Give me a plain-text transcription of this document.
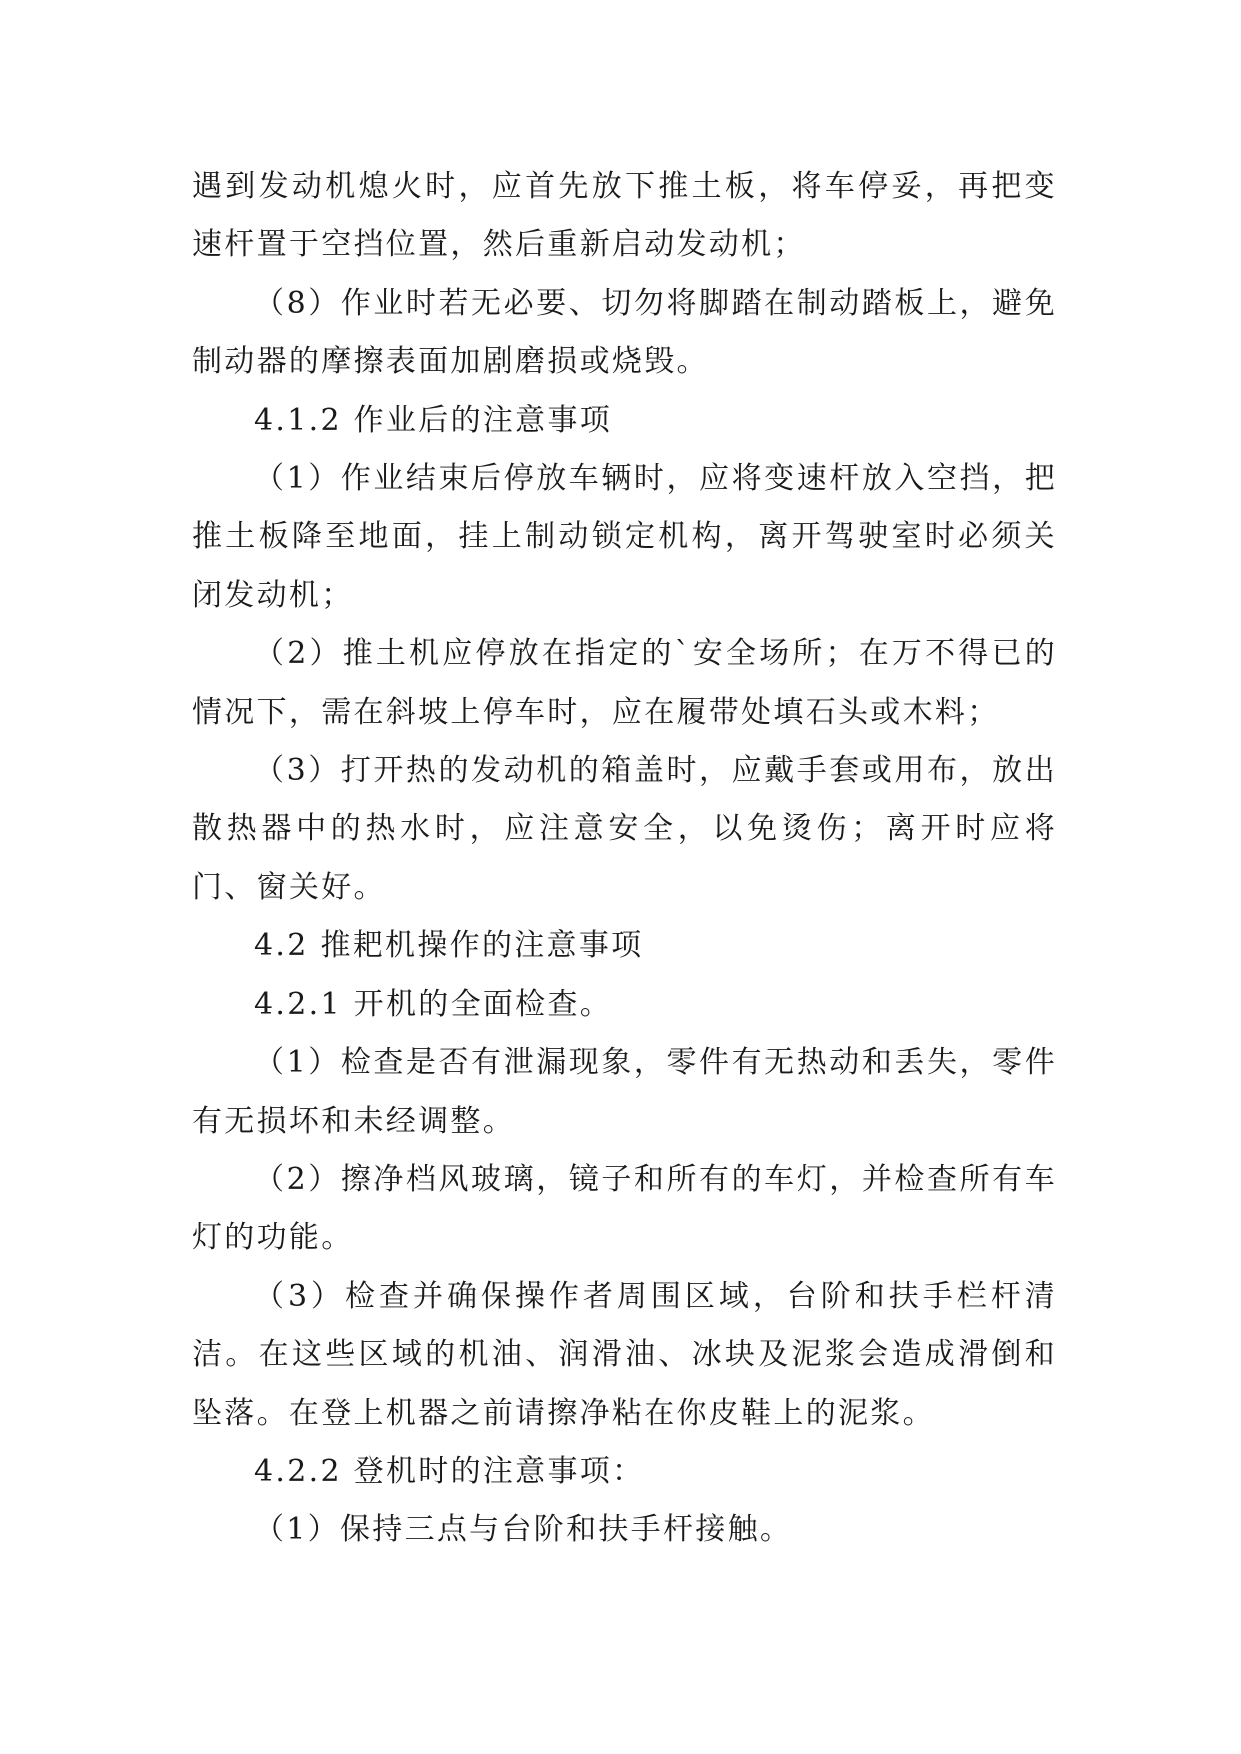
遇到发动机熄火时，应首先放下推土板，将车停妥，再把变速杆置于空挡位置，然后重新启动发动机；

（8）作业时若无必要、切勿将脚踏在制动踏板上，避免制动器的摩擦表面加剧磨损或烧毁。

4.1.2 作业后的注意事项

（1）作业结束后停放车辆时，应将变速杆放入空挡，把推土板降至地面，挂上制动锁定机构，离开驾驶室时必须关闭发动机；

（2）推土机应停放在指定的`安全场所；在万不得已的情况下，需在斜坡上停车时，应在履带处填石头或木料；

（3）打开热的发动机的箱盖时，应戴手套或用布，放出散热器中的热水时，应注意安全，以免烫伤；离开时应将门、窗关好。

4.2 推耙机操作的注意事项

4.2.1 开机的全面检查。

（1）检查是否有泄漏现象，零件有无热动和丢失，零件有无损坏和未经调整。

（2）擦净档风玻璃，镜子和所有的车灯，并检查所有车灯的功能。

（3）检查并确保操作者周围区域，台阶和扶手栏杆清洁。在这些区域的机油、润滑油、冰块及泥浆会造成滑倒和坠落。在登上机器之前请擦净粘在你皮鞋上的泥浆。

4.2.2 登机时的注意事项：

（1）保持三点与台阶和扶手杆接触。
